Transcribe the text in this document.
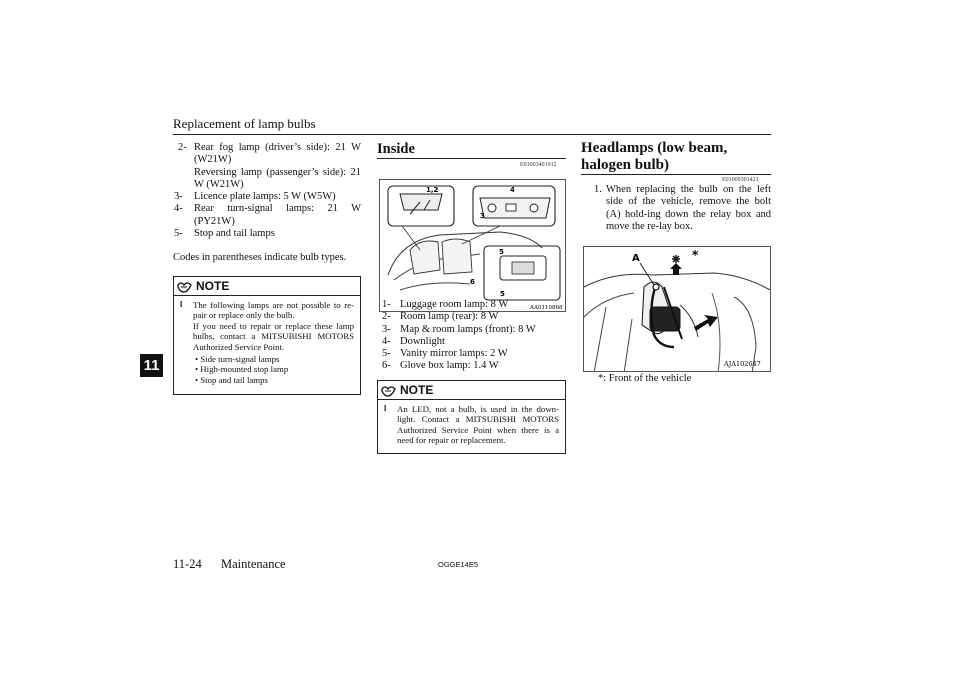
Replacement of lamp bulbs
11
2- Rear fog lamp (driver’s side): 21 W (W21W)
Reversing lamp (passenger’s side): 21 W (W21W)
3-	Licence plate lamps: 5 W (W5W)
4-	Rear turn-signal lamps: 21 W (PY21W)
5-	Stop and tail lamps
Codes in parentheses indicate bulb types.
NOTE
l	The following lamps are not possible to re-pair or replace only the bulb.
If you need to repair or replace these lamp bulbs, contact a MITSUBISHI MOTORS Authorized Service Point.
• Side turn-signal lamps
• High-mounted stop lamp
• Stop and tail lamps
Inside
E01003401912
1,2
3
4
5
6
5
AA0110868
1- Luggage room lamp: 8 W
2- Room lamp (rear): 8 W
3- Map & room lamps (front): 8 W
4- Downlight
5- Vanity mirror lamps: 2 W
6- Glove box lamp: 1.4 W
NOTE
l	An LED, not a bulb, is used in the down-light. Contact a MITSUBISHI MOTORS Authorized Service Point when there is a need for repair or replacement.
Headlamps (low beam, halogen bulb)
E01009301421
1. When replacing the bulb on the left side of the vehicle, remove the bolt (A) hold-ing down the relay box and move the re-lay box.
A	*
AJA102647
*: Front of the vehicle
11-24 Maintenance	OGGE14E5
